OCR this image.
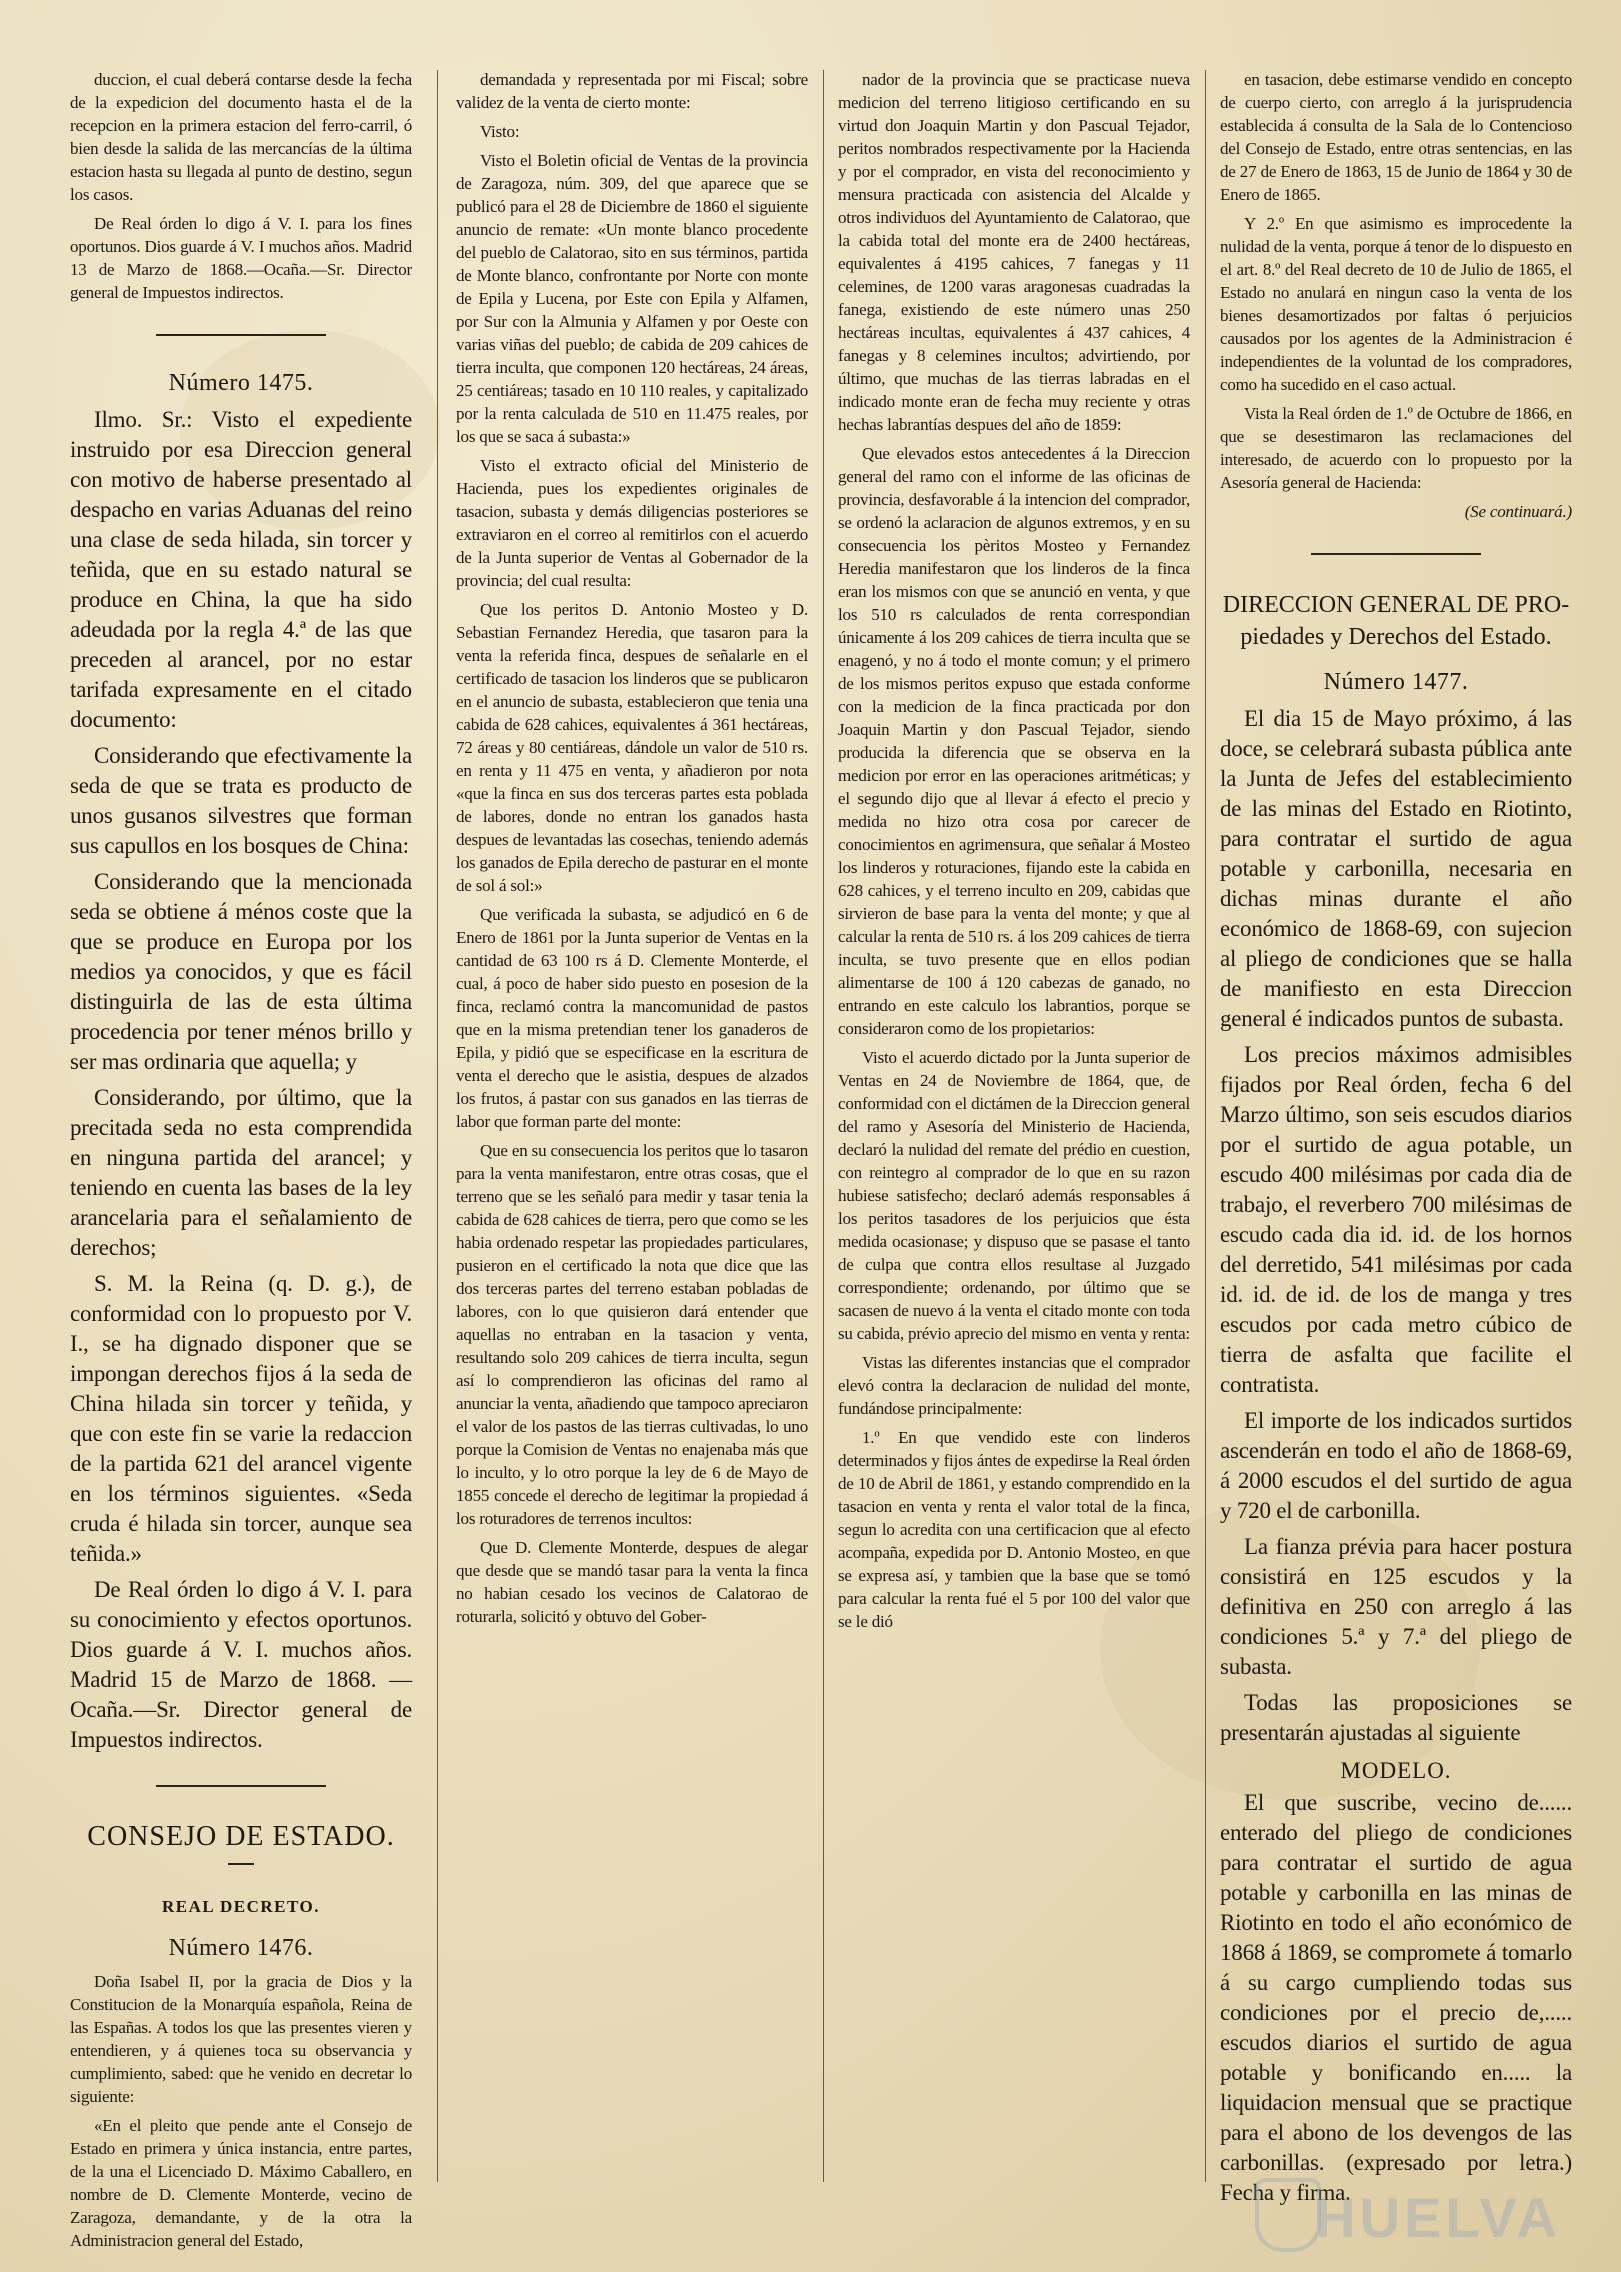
duccion, el cual deberá contarse desde la fecha de la expedicion del documento hasta el de la recepcion en la primera estacion del ferro-carril, ó bien desde la salida de las mercancías de la última estacion hasta su llegada al punto de destino, segun los casos.

De Real órden lo digo á V. I. para los fines oportunos. Dios guarde á V. I muchos años. Madrid 13 de Marzo de 1868.—Ocaña.—Sr. Director general de Impuestos indirectos.

Número 1475.

Ilmo. Sr.: Visto el expediente instruido por esa Direccion general con motivo de haberse presentado al despacho en varias Aduanas del reino una clase de seda hilada, sin torcer y teñida, que en su estado natural se produce en China, la que ha sido adeudada por la regla 4.ª de las que preceden al arancel, por no estar tarifada expresamente en el citado documento:

Considerando que efectivamente la seda de que se trata es producto de unos gusanos silvestres que forman sus capullos en los bosques de China:

Considerando que la mencionada seda se obtiene á ménos coste que la que se produce en Europa por los medios ya conocidos, y que es fácil distinguirla de las de esta última procedencia por tener ménos brillo y ser mas ordinaria que aquella; y

Considerando, por último, que la precitada seda no esta comprendida en ninguna partida del arancel; y teniendo en cuenta las bases de la ley arancelaria para el señalamiento de derechos;

S. M. la Reina (q. D. g.), de conformidad con lo propuesto por V. I., se ha dignado disponer que se impongan derechos fijos á la seda de China hilada sin torcer y teñida, y que con este fin se varie la redaccion de la partida 621 del arancel vigente en los términos siguientes. «Seda cruda é hilada sin torcer, aunque sea teñida.»

De Real órden lo digo á V. I. para su conocimiento y efectos oportunos. Dios guarde á V. I. muchos años. Madrid 15 de Marzo de 1868. —Ocaña.—Sr. Director general de Impuestos indirectos.

CONSEJO DE ESTADO.
REAL DECRETO.
Número 1476.

Doña Isabel II, por la gracia de Dios y la Constitucion de la Monarquía española, Reina de las Españas. A todos los que las presentes vieren y entendieren, y á quienes toca su observancia y cumplimiento, sabed: que he venido en decretar lo siguiente:

«En el pleito que pende ante el Consejo de Estado en primera y única instancia, entre partes, de la una el Licenciado D. Máximo Caballero, en nombre de D. Clemente Monterde, vecino de Zaragoza, demandante, y de la otra la Administracion general del Estado,

demandada y representada por mi Fiscal; sobre validez de la venta de cierto monte:

Visto:

Visto el Boletin oficial de Ventas de la provincia de Zaragoza, núm. 309, del que aparece que se publicó para el 28 de Diciembre de 1860 el siguiente anuncio de remate: «Un monte blanco procedente del pueblo de Calatorao, sito en sus términos, partida de Monte blanco, confrontante por Norte con monte de Epila y Lucena, por Este con Epila y Alfamen, por Sur con la Almunia y Alfamen y por Oeste con varias viñas del pueblo; de cabida de 209 cahices de tierra inculta, que componen 120 hectáreas, 24 áreas, 25 centiáreas; tasado en 10 110 reales, y capitalizado por la renta calculada de 510 en 11.475 reales, por los que se saca á subasta:»

Visto el extracto oficial del Ministerio de Hacienda, pues los expedientes originales de tasacion, subasta y demás diligencias posteriores se extraviaron en el correo al remitirlos con el acuerdo de la Junta superior de Ventas al Gobernador de la provincia; del cual resulta:

Que los peritos D. Antonio Mosteo y D. Sebastian Fernandez Heredia, que tasaron para la venta la referida finca, despues de señalarle en el certificado de tasacion los linderos que se publicaron en el anuncio de subasta, establecieron que tenia una cabida de 628 cahices, equivalentes á 361 hectáreas, 72 áreas y 80 centiáreas, dándole un valor de 510 rs. en renta y 11 475 en venta, y añadieron por nota «que la finca en sus dos terceras partes esta poblada de labores, donde no entran los ganados hasta despues de levantadas las cosechas, teniendo además los ganados de Epila derecho de pasturar en el monte de sol á sol:»

Que verificada la subasta, se adjudicó en 6 de Enero de 1861 por la Junta superior de Ventas en la cantidad de 63 100 rs á D. Clemente Monterde, el cual, á poco de haber sido puesto en posesion de la finca, reclamó contra la mancomunidad de pastos que en la misma pretendian tener los ganaderos de Epila, y pidió que se especificase en la escritura de venta el derecho que le asistia, despues de alzados los frutos, á pastar con sus ganados en las tierras de labor que forman parte del monte:

Que en su consecuencia los peritos que lo tasaron para la venta manifestaron, entre otras cosas, que el terreno que se les señaló para medir y tasar tenia la cabida de 628 cahices de tierra, pero que como se les habia ordenado respetar las propiedades particulares, pusieron en el certificado la nota que dice que las dos terceras partes del terreno estaban pobladas de labores, con lo que quisieron dará entender que aquellas no entraban en la tasacion y venta, resultando solo 209 cahices de tierra inculta, segun así lo comprendieron las oficinas del ramo al anunciar la venta, añadiendo que tampoco apreciaron el valor de los pastos de las tierras cultivadas, lo uno porque la Comision de Ventas no enajenaba más que lo inculto, y lo otro porque la ley de 6 de Mayo de 1855 concede el derecho de legitimar la propiedad á los roturadores de terrenos incultos:

Que D. Clemente Monterde, despues de alegar que desde que se mandó tasar para la venta la finca no habian cesado los vecinos de Calatorao de roturarla, solicitó y obtuvo del Gober-

nador de la provincia que se practicase nueva medicion del terreno litigioso certificando en su virtud don Joaquin Martin y don Pascual Tejador, peritos nombrados respectivamente por la Hacienda y por el comprador, en vista del reconocimiento y mensura practicada con asistencia del Alcalde y otros individuos del Ayuntamiento de Calatorao, que la cabida total del monte era de 2400 hectáreas, equivalentes á 4195 cahices, 7 fanegas y 11 celemines, de 1200 varas aragonesas cuadradas la fanega, existiendo de este número unas 250 hectáreas incultas, equivalentes á 437 cahices, 4 fanegas y 8 celemines incultos; advirtiendo, por último, que muchas de las tierras labradas en el indicado monte eran de fecha muy reciente y otras hechas labrantías despues del año de 1859:

Que elevados estos antecedentes á la Direccion general del ramo con el informe de las oficinas de provincia, desfavorable á la intencion del comprador, se ordenó la aclaracion de algunos extremos, y en su consecuencia los pèritos Mosteo y Fernandez Heredia manifestaron que los linderos de la finca eran los mismos con que se anunció en venta, y que los 510 rs calculados de renta correspondian únicamente á los 209 cahices de tierra inculta que se enagenó, y no á todo el monte comun; y el primero de los mismos peritos expuso que estada conforme con la medicion de la finca practicada por don Joaquin Martin y don Pascual Tejador, siendo producida la diferencia que se observa en la medicion por error en las operaciones aritméticas; y el segundo dijo que al llevar á efecto el precio y medida no hizo otra cosa por carecer de conocimientos en agrimensura, que señalar á Mosteo los linderos y roturaciones, fijando este la cabida en 628 cahices, y el terreno inculto en 209, cabidas que sirvieron de base para la venta del monte; y que al calcular la renta de 510 rs. á los 209 cahices de tierra inculta, se tuvo presente que en ellos podian alimentarse de 100 á 120 cabezas de ganado, no entrando en este calculo los labrantios, porque se consideraron como de los propietarios:

Visto el acuerdo dictado por la Junta superior de Ventas en 24 de Noviembre de 1864, que, de conformidad con el dictámen de la Direccion general del ramo y Asesoría del Ministerio de Hacienda, declaró la nulidad del remate del prédio en cuestion, con reintegro al comprador de lo que en su razon hubiese satisfecho; declaró además responsables á los peritos tasadores de los perjuicios que ésta medida ocasionase; y dispuso que se pasase el tanto de culpa que contra ellos resultase al Juzgado correspondiente; ordenando, por último que se sacasen de nuevo á la venta el citado monte con toda su cabida, prévio aprecio del mismo en venta y renta:

Vistas las diferentes instancias que el comprador elevó contra la declaracion de nulidad del monte, fundándose principalmente:

1.º En que vendido este con linderos determinados y fijos ántes de expedirse la Real órden de 10 de Abril de 1861, y estando comprendido en la tasacion en venta y renta el valor total de la finca, segun lo acredita con una certificacion que al efecto acompaña, expedida por D. Antonio Mosteo, en que se expresa así, y tambien que la base que se tomó para calcular la renta fué el 5 por 100 del valor que se le dió

en tasacion, debe estimarse vendido en concepto de cuerpo cierto, con arreglo á la jurisprudencia establecida á consulta de la Sala de lo Contencioso del Consejo de Estado, entre otras sentencias, en las de 27 de Enero de 1863, 15 de Junio de 1864 y 30 de Enero de 1865.

Y 2.º En que asimismo es improcedente la nulidad de la venta, porque á tenor de lo dispuesto en el art. 8.º del Real decreto de 10 de Julio de 1865, el Estado no anulará en ningun caso la venta de los bienes desamortizados por faltas ó perjuicios causados por los agentes de la Administracion é independientes de la voluntad de los compradores, como ha sucedido en el caso actual.

Vista la Real órden de 1.º de Octubre de 1866, en que se desestimaron las reclamaciones del interesado, de acuerdo con lo propuesto por la Asesoría general de Hacienda:

(Se continuará.)

DIRECCION GENERAL DE PRO-
piedades y Derechos del Estado.
Número 1477.

El dia 15 de Mayo próximo, á las doce, se celebrará subasta pública ante la Junta de Jefes del establecimiento de las minas del Estado en Riotinto, para contratar el surtido de agua potable y carbonilla, necesaria en dichas minas durante el año económico de 1868-69, con sujecion al pliego de condiciones que se halla de manifiesto en esta Direccion general é indicados puntos de subasta.

Los precios máximos admisibles fijados por Real órden, fecha 6 del Marzo último, son seis escudos diarios por el surtido de agua potable, un escudo 400 milésimas por cada dia de trabajo, el reverbero 700 milésimas de escudo cada dia id. id. de los hornos del derretido, 541 milésimas por cada id. id. de id. de los de manga y tres escudos por cada metro cúbico de tierra de asfalta que facilite el contratista.

El importe de los indicados surtidos ascenderán en todo el año de 1868-69, á 2000 escudos el del surtido de agua y 720 el de carbonilla.

La fianza prévia para hacer postura consistirá en 125 escudos y la definitiva en 250 con arreglo á las condiciones 5.ª y 7.ª del pliego de subasta.

Todas las proposiciones se presentarán ajustadas al siguiente

MODELO.

El que suscribe, vecino de...... enterado del pliego de condiciones para contratar el surtido de agua potable y carbonilla en las minas de Riotinto en todo el año económico de 1868 á 1869, se compromete á tomarlo á su cargo cumpliendo todas sus condiciones por el precio de,..... escudos diarios el surtido de agua potable y bonificando en..... la liquidacion mensual que se practique para el abono de los devengos de las carbonillas. (expresado por letra.) Fecha y firma.

HUELVA
